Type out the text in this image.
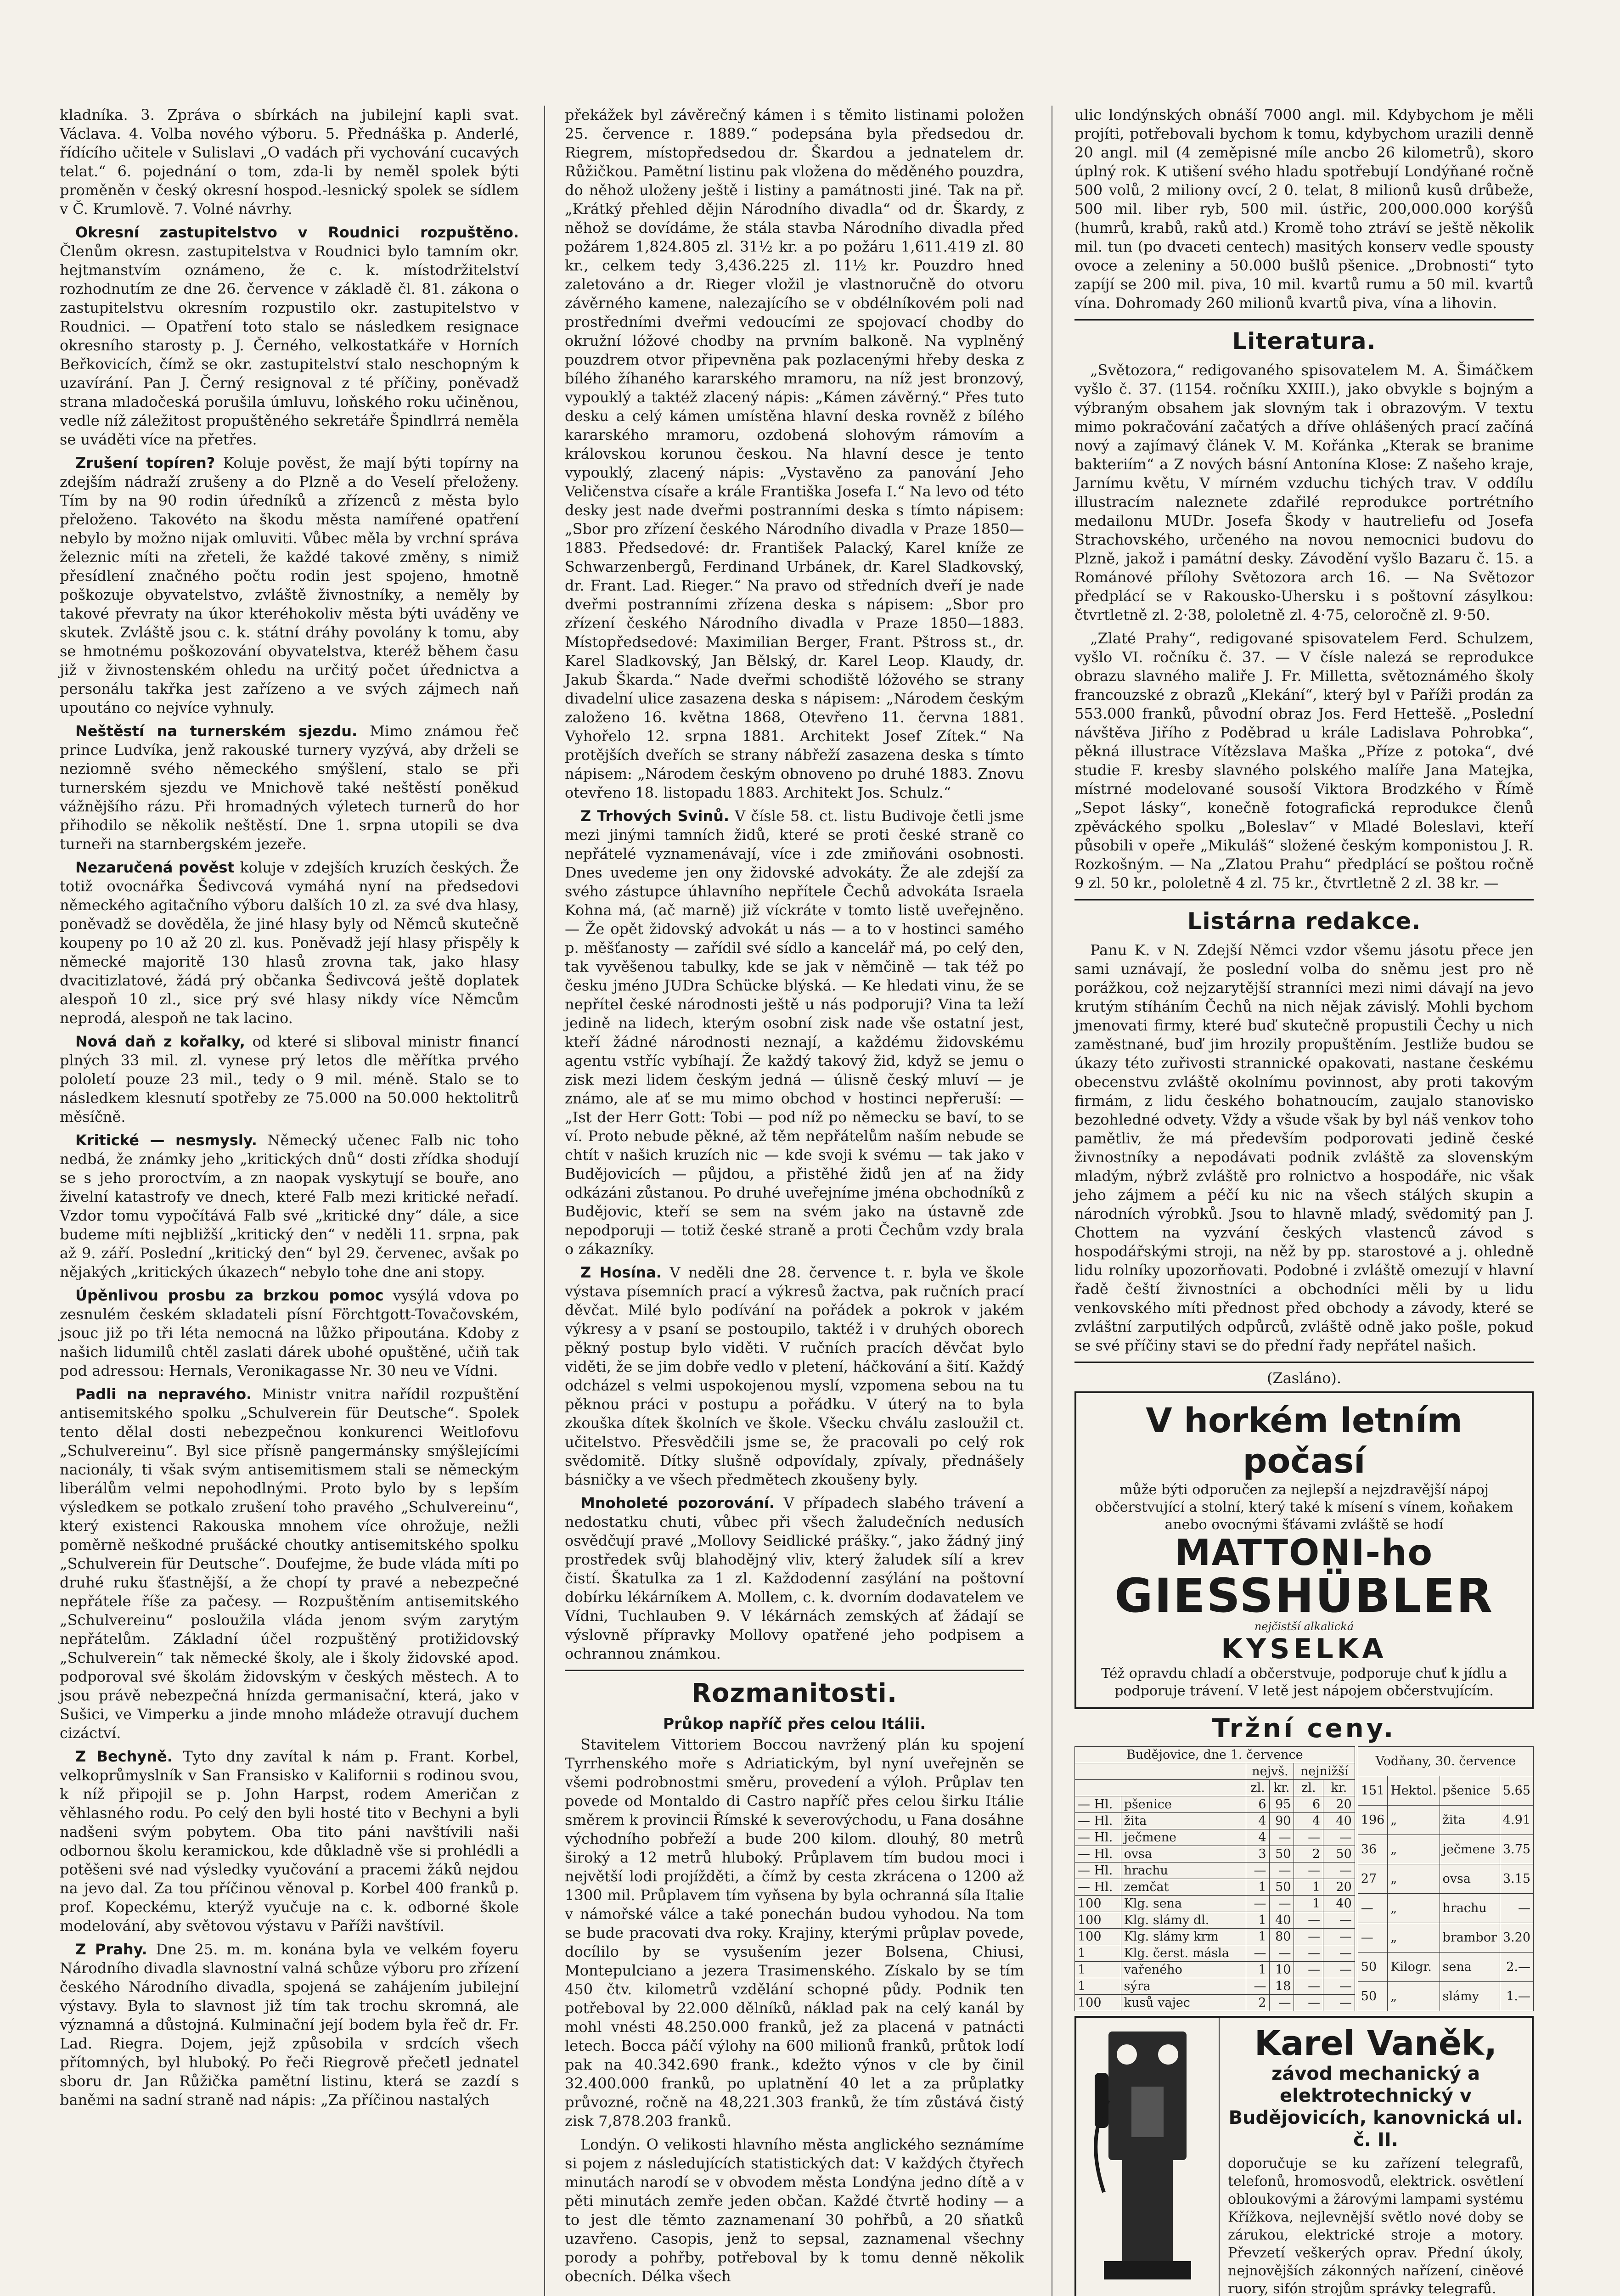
kladníka. 3. Zpráva o sbírkách na jubilejní kapli svat. Václava. 4. Volba nového výboru. 5. Přednáška p. Anderlé, řídícího učitele v Sulislavi „O vadách při vychování cucavých telat.“ 6. pojednání o tom, zda-li by neměl spolek býti proměněn v český okresní hospod.-lesnický spolek se sídlem v Č. Krumlově. 7. Volné návrhy.

Okresní zastupitelstvo v Roudnici rozpuštěno. Členům okresn. zastupitelstva v Roudnici bylo tamním okr. hejtmanstvím oznámeno, že c. k. místodržitelství rozhodnutím ze dne 26. července v základě čl. 81. zákona o zastupitelstvu okresním rozpustilo okr. zastupitelstvo v Roudnici. — Opatření toto stalo se následkem resignace okresního starosty p. J. Černého, velkostatkáře v Horních Beřkovicích, čímž se okr. zastupitelství stalo neschopným k uzavírání. Pan J. Černý resignoval z té příčiny, poněvadž strana mladočeská porušila úmluvu, loňského roku učiněnou, vedle níž záležitost propuštěného sekretáře Špindlrrá neměla se uváděti více na přetřes.

Zrušení topíren? Koluje pověst, že mají býti topírny na zdejším nádraží zrušeny a do Plzně a do Veselí přeloženy. Tím by na 90 rodin úředníků a zřízenců z města bylo přeloženo. Takovéto na škodu města namířené opatření nebylo by možno nijak omluviti. Vůbec měla by vrchní správa železnic míti na zřeteli, že každé takové změny, s nimiž přesídlení značného počtu rodin jest spojeno, hmotně poškozuje obyvatelstvo, zvláště živnostníky, a neměly by takové převraty na úkor kteréhokoliv města býti uváděny ve skutek. Zvláště jsou c. k. státní dráhy povolány k tomu, aby se hmotnému poškozování obyvatelstva, kteréž během času již v živnostenském ohledu na určitý počet úřednictva a personálu takřka jest zařízeno a ve svých zájmech naň upoutáno co nejvíce vyhnuly.

Neštěstí na turnerském sjezdu. Mimo známou řeč prince Ludvíka, jenž rakouské turnery vyzývá, aby drželi se neziomně svého německého smýšlení, stalo se při turnerském sjezdu ve Mnichově také neštěstí poněkud vážnějšího rázu. Při hromadných výletech turnerů do hor přihodilo se několik neštěstí. Dne 1. srpna utopili se dva turneři na starnbergském jezeře.

Nezaručená pověst koluje v zdejších kruzích českých. Že totiž ovocnářka Šedivcová vymáhá nyní na předsedovi německého agitačního výboru dalších 10 zl. za své dva hlasy, poněvadž se dověděla, že jiné hlasy byly od Němců skutečně koupeny po 10 až 20 zl. kus. Poněvadž její hlasy přispěly k německé majoritě 130 hlasů zrovna tak, jako hlasy dvacitizlatové, žádá prý občanka Šedivcová ještě doplatek alespoň 10 zl., sice prý své hlasy nikdy více Němcům neprodá, alespoň ne tak lacino.

Nová daň z kořalky, od které si sliboval ministr financí plných 33 mil. zl. vynese prý letos dle měřítka prvého pololetí pouze 23 mil., tedy o 9 mil. méně. Stalo se to následkem klesnutí spotřeby ze 75.000 na 50.000 hektolitrů měsíčně.

Kritické — nesmysly. Německý učenec Falb nic toho nedbá, že známky jeho „kritických dnů“ dosti zřídka shodují se s jeho proroctvím, a zn naopak vyskytují se bouře, ano živelní katastrofy ve dnech, které Falb mezi kritické neřadí. Vzdor tomu vypočítává Falb své „kritické dny“ dále, a sice budeme míti nejbližší „kritický den“ v neděli 11. srpna, pak až 9. září. Poslední „kritický den“ byl 29. červenec, avšak po nějakých „kritických úkazech“ nebylo tohe dne ani stopy.

Úpěnlivou prosbu za brzkou pomoc vysýlá vdova po zesnulém českém skladateli písní Förchtgott-Tovačovském, jsouc již po tři léta nemocná na lůžko připoutána. Kdoby z našich lidumilů chtěl zaslati dárek ubohé opuštěné, učiň tak pod adressou: Hernals, Veronikagasse Nr. 30 neu ve Vídni.

Padli na nepravého. Ministr vnitra nařídil rozpuštění antisemitského spolku „Schulverein für Deutsche“. Spolek tento dělal dosti nebezpečnou konkurenci Weitlofovu „Schulvereinu“. Byl sice přísně pangermánsky smýšlejícími nacionály, ti však svým antisemitismem stali se německým liberálům velmi nepohodlnými. Proto bylo by s lepším výsledkem se potkalo zrušení toho pravého „Schulvereinu“, který existenci Rakouska mnohem více ohrožuje, nežli poměrně neškodné prušácké choutky antisemitského spolku „Schulverein für Deutsche“. Doufejme, že bude vláda míti po druhé ruku šťastnější, a že chopí ty pravé a nebezpečné nepřátele říše za pačesy. — Rozpuštěním antisemitského „Schulvereinu“ posloužila vláda jenom svým zarytým nepřátelům. Základní účel rozpuštěný protižidovský „Schulverein“ tak německé školy, ale i školy židovské apod. podporoval své školám židovským v českých městech. A to jsou právě nebezpečná hnízda germanisační, která, jako v Sušici, ve Vimperku a jinde mnoho mládeže otravují duchem cizáctví.

Z Bechyně. Tyto dny zavítal k nám p. Frant. Korbel, velkoprůmyslník v San Fransisko v Kalifornii s rodinou svou, k níž připojil se p. John Harpst, rodem Američan z věhlasného rodu. Po celý den byli hosté tito v Bechyni a byli nadšeni svým pobytem. Oba tito páni navštívili naši odbornou školu keramickou, kde důkladně vše si prohlédli a potěšeni své nad výsledky vyučování a pracemi žáků nejdou na jevo dal. Za tou příčinou věnoval p. Korbel 400 franků p. prof. Kopeckému, kterýž vyučuje na c. k. odborné škole modelování, aby světovou výstavu v Paříži navštívil.

Z Prahy. Dne 25. m. m. konána byla ve velkém foyeru Národního divadla slavnostní valná schůze výboru pro zřízení českého Národního divadla, spojená se zahájením jubilejní výstavy. Byla to slavnost již tím tak trochu skromná, ale významná a důstojná. Kulminační její bodem byla řeč dr. Fr. Lad. Riegra. Dojem, jejž způsobila v srdcích všech přítomných, byl hluboký. Po řeči Riegrově přečetl jednatel sboru dr. Jan Růžička pamětní listinu, která se zazdí s baněmi na sadní straně nad nápis: „Za příčinou nastalých

překážek byl závěrečný kámen i s těmito listinami položen 25. července r. 1889.“ podepsána byla předsedou dr. Riegrem, místopředsedou dr. Škardou a jednatelem dr. Růžičkou. Pamětní listinu pak vložena do měděného pouzdra, do něhož uloženy ještě i listiny a památnosti jiné. Tak na př. „Krátký přehled dějin Národního divadla“ od dr. Škardy, z něhož se dovídáme, že stála stavba Národního divadla před požárem 1,824.805 zl. 31½ kr. a po požáru 1,611.419 zl. 80 kr., celkem tedy 3,436.225 zl. 11½ kr. Pouzdro hned zaletováno a dr. Rieger vložil je vlastnoručně do otvoru závěrného kamene, nalezajícího se v obdélníkovém poli nad prostředními dveřmi vedoucími ze spojovací chodby do okružní lóžové chodby na prvním balkoně. Na vyplněný pouzdrem otvor připevněna pak pozlacenými hřeby deska z bílého žíhaného kararského mramoru, na níž jest bronzový, vypouklý a taktéž zlacený nápis: „Kámen závěrný.“ Přes tuto desku a celý kámen umístěna hlavní deska rovněž z bílého kararského mramoru, ozdobená slohovým rámovím a královskou korunou českou. Na hlavní desce je tento vypouklý, zlacený nápis: „Vystavěno za panování Jeho Veličenstva císaře a krále Františka Josefa I.“ Na levo od této desky jest nade dveřmi postranními deska s tímto nápisem: „Sbor pro zřízení českého Národního divadla v Praze 1850—1883. Předsedové: dr. František Palacký, Karel kníže ze Schwarzenbergů, Ferdinand Urbánek, dr. Karel Sladkovský, dr. Frant. Lad. Rieger.“ Na pravo od středních dveří je nade dveřmi postranními zřízena deska s nápisem: „Sbor pro zřízení českého Národního divadla v Praze 1850—1883. Místopředsedové: Maximilian Berger, Frant. Pštross st., dr. Karel Sladkovský, Jan Bělský, dr. Karel Leop. Klaudy, dr. Jakub Škarda.“ Nade dveřmi schodiště lóžového se strany divadelní ulice zasazena deska s nápisem: „Národem českým založeno 16. května 1868, Otevřeno 11. června 1881. Vyhořelo 12. srpna 1881. Architekt Josef Zítek.“ Na protějších dveřích se strany nábřeží zasazena deska s tímto nápisem: „Národem českým obnoveno po druhé 1883. Znovu otevřeno 18. listopadu 1883. Architekt Jos. Schulz.“

Z Trhových Svinů. V čísle 58. ct. listu Budivoje četli jsme mezi jinými tamních židů, které se proti české straně co nepřátelé vyznamenávají, více i zde zmiňováni osobnosti. Dnes uvedeme jen ony židovské advokáty. Že ale zdejší za svého zástupce úhlavního nepřítele Čechů advokáta Israela Kohna má, (ač marně) již víckráte v tomto listě uveřejněno. — Že opět židovský advokát u nás — a to v hostinci samého p. měšťanosty — zařídil své sídlo a kancelář má, po celý den, tak vyvěšenou tabulky, kde se jak v němčině — tak též po česku jméno JUDra Schücke blýská. — Ke hledati vinu, že se nepřítel české národnosti ještě u nás podporuji? Vina ta leží jedině na lidech, kterým osobní zisk nade vše ostatní jest, kteří žádné národnosti neznají, a každému židovskému agentu vstříc vybíhají. Že každý takový žid, když se jemu o zisk mezi lidem českým jedná — úlisně český mluví — je známo, ale ať se mu mimo obchod v hostinci nepřeruší: — „Ist der Herr Gott: Tobi — pod níž po německu se baví, to se ví. Proto nebude pěkné, až těm nepřátelům naším nebude se chtít v našich kruzích nic — kde svoji k svému — tak jako v Budějovicích — půjdou, a přistěhé židů jen ať na židy odkázáni zůstanou. Po druhé uveřejníme jména obchodníků z Budějovic, kteří se sem na svém jako na ústavně zde nepodporuji — totiž české straně a proti Čechům vzdy brala o zákazníky.

Z Hosína. V neděli dne 28. července t. r. byla ve škole výstava písemních prací a výkresů žactva, pak ručních prací děvčat. Milé bylo podívání na pořádek a pokrok v jakém výkresy a v psaní se postoupilo, taktéž i v druhých oborech pěkný postup bylo viděti. V ručních pracích děvčat bylo viděti, že se jim dobře vedlo v pletení, háčkování a šití. Každý odcházel s velmi uspokojenou myslí, vzpomena sebou na tu pěknou práci v postupu a pořádku. V úterý na to byla zkouška dítek školních ve škole. Všecku chválu zasloužil ct. učitelstvo. Přesvědčili jsme se, že pracovali po celý rok svědomitě. Dítky slušně odpovídaly, zpívaly, přednášely básničky a ve všech předmětech zkoušeny byly.

Mnoholeté pozorování. V případech slabého trávení a nedostatku chuti, vůbec při všech žaludečních nedusích osvědčují pravé „Mollovy Seidlické prášky.“, jako žádný jiný prostředek svůj blahodějný vliv, který žaludek sílí a krev čistí. Škatulka za 1 zl. Každodenní zasýlání na poštovní dobírku lékárníkem A. Mollem, c. k. dvorním dodavatelem ve Vídni, Tuchlauben 9. V lékárnách zemských ať žádají se výslovně přípravky Mollovy opatřené jeho podpisem a ochrannou známkou.

Rozmanitosti.
Průkop napříč přes celou Itálii.

Stavitelem Vittoriem Boccou navržený plán ku spojení Tyrrhenského moře s Adriatickým, byl nyní uveřejněn se všemi podrobnostmi směru, provedení a výloh. Průplav ten povede od Montaldo di Castro napříč přes celou širku Itálie směrem k provincii Římské k severovýchodu, u Fana dosáhne východního pobřeží a bude 200 kilom. dlouhý, 80 metrů široký a 12 metrů hluboký. Průplavem tím budou moci i největší lodi projížděti, a čímž by cesta zkrácena o 1200 až 1300 mil. Průplavem tím vyňsena by byla ochranná síla Italie v námořské válce a také ponechán budou vyhodou. Na tom se bude pracovati dva roky. Krajiny, kterými průplav povede, docílilo by se vysušením jezer Bolsena, Chiusi, Montepulciano a jezera Trasimenského. Získalo by se tím 450 čtv. kilometrů vzdělání schopné půdy. Podnik ten potřeboval by 22.000 dělníků, náklad pak na celý kanál by mohl vnésti 48.250.000 franků, jež za placená v patnácti letech. Bocca páčí výlohy na 600 milionů franků, průtok lodí pak na 40.342.690 frank., kdežto výnos v cle by činil 32.400.000 franků, po uplatnění 40 let a za průplatky průvozné, ročně na 48,221.303 franků, že tím zůstává čistý zisk 7,878.203 franků.

Londýn. O velikosti hlavního města anglického seznámíme si pojem z následujících statistických dat: V každých čtyřech minutách narodí se v obvodem města Londýna jedno dítě a v pěti minutách zemře jeden občan. Každé čtvrtě hodiny — a to jest dle těmto zaznamenaní 30 pohřbů, a 20 sňatků uzavřeno. Casopis, jenž to sepsal, zaznamenal všechny porody a pohřby, potřeboval by k tomu denně několik obecních. Délka všech

ulic londýnských obnáší 7000 angl. mil. Kdybychom je měli projíti, potřebovali bychom k tomu, kdybychom urazili denně 20 angl. mil (4 zeměpisné míle ancbo 26 kilometrů), skoro úplný rok. K utišení svého hladu spotřebují Londýňané ročně 500 volů, 2 miliony ovcí, 2 0. telat, 8 milionů kusů drůbeže, 500 mil. liber ryb, 500 mil. ústřic, 200,000.000 korýšů (humrů, krabů, raků atd.) Kromě toho ztráví se ještě několik mil. tun (po dvaceti centech) masitých konserv vedle spousty ovoce a zeleniny a 50.000 bušlů pšenice. „Drobnosti“ tyto zapíjí se 200 mil. piva, 10 mil. kvartů rumu a 50 mil. kvartů vína. Dohromady 260 milionů kvartů piva, vína a lihovin.

Literatura.

„Světozora,“ redigovaného spisovatelem M. A. Šimáčkem vyšlo č. 37. (1154. ročníku XXIII.), jako obvykle s bojným a výbraným obsahem jak slovným tak i obrazovým. V textu mimo pokračování začatých a dříve ohlášených prací začíná nový a zajímavý článek V. M. Kořánka „Kterak se branime bakteriím“ a Z nových básní Antonína Klose: Z našeho kraje, Jarnímu květu, V mírném vzduchu tichých trav. V oddílu illustracím naleznete zdařilé reprodukce portrétního medailonu MUDr. Josefa Škody v hautreliefu od Josefa Strachovského, určeného na novou nemocnici budovu do Plzně, jakož i památní desky. Závodění vyšlo Bazaru č. 15. a Románové přílohy Světozora arch 16. — Na Světozor předplácí se v Rakousko-Uhersku i s poštovní zásylkou: čtvrtletně zl. 2·38, pololetně zl. 4·75, celoročně zl. 9·50.

„Zlaté Prahy“, redigované spisovatelem Ferd. Schulzem, vyšlo VI. ročníku č. 37. — V čísle nalezá se reprodukce obrazu slavného maliře J. Fr. Milletta, světoznámého školy francouzské z obrazů „Klekání“, který byl v Paříži prodán za 553.000 franků, původní obraz Jos. Ferd Hettešě. „Poslední návštěva Jiřího z Poděbrad u krále Ladislava Pohrobka“, pěkná illustrace Vítězslava Maška „Příze z potoka“, dvé studie F. kresby slavného polského malíře Jana Matejka, místrné modelované sousoší Viktora Brodzkého v Římě „Sepot lásky“, konečně fotografická reprodukce členů zpěváckého spolku „Boleslav“ v Mladé Boleslavi, kteří působili v opeře „Mikuláš“ složené českým komponistou J. R. Rozkošným. — Na „Zlatou Prahu“ předplácí se poštou ročně 9 zl. 50 kr., pololetně 4 zl. 75 kr., čtvrtletně 2 zl. 38 kr. —

Listárna redakce.

Panu K. v N. Zdejší Němci vzdor všemu jásotu přece jen sami uznávají, že poslední volba do sněmu jest pro ně porážkou, což nejzarytější stranníci mezi nimi dávají na jevo krutým stíháním Čechů na nich nějak závislý. Mohli bychom jmenovati firmy, které buď skutečně propustili Čechy u nich zaměstnané, buď jim hrozily propuštěním. Jestliže budou se úkazy této zuřivosti strannické opakovati, nastane českému obecenstvu zvláště okolnímu povinnost, aby proti takovým firmám, z lidu českého bohatnoucím, zaujalo stanovisko bezohledné odvety. Vždy a všude však by byl náš venkov toho pamětliv, že má především podporovati jedině české živnostníky a nepodávati podnik zvláště za slovenským mladým, nýbrž zvláště pro rolnictvo a hospodáře, nic však jeho zájmem a péčí ku nic na všech stálých skupin a národních výrobků. Jsou to hlavně mladý, svědomitý pan J. Chottem na vyzvání českých vlastenců závod s hospodářskými stroji, na něž by pp. starostové a j. ohledně lidu rolníky upozorňovati. Podobné i zvláště omezují v hlavní řadě čeští živnostníci a obchodníci měli by u lidu venkovského míti přednost před obchody a závody, které se zvláštní zarputilých odpůrců, zvláště odně jako pošle, pokud se své příčiny stavi se do přední řady nepřátel našich.

(Zasláno).
V horkém letním počasí
může býti odporučen za nejlepší a nejzdravější nápoj občerstvující a stolní, který také k mísení s vínem, koňakem anebo ovocnými šťávami zvláště se hodí
MATTONI-ho
GIESSHÜBLER
nejčistší alkalická
KYSELKA
Též opravdu chladí a občerstvuje, podporuje chuť k jídlu a podporuje trávení. V letě jest nápojem občerstvujícím.
Tržní ceny.
Budějovice, dne 1. července					
		nejvš.		nejnižší	
		zl.	kr.	zl.	kr.
— Hl.	pšenice	6	95	6	20
— Hl.	žita	4	90	4	40
— Hl.	ječmene	4	—	—	—
— Hl.	ovsa	3	50	2	50
— Hl.	hrachu	—	—	—	—
— Hl.	zemčat	1	50	1	20
100	Klg. sena	—	—	1	40
100	Klg. slámy dl.	1	40	—	—
100	Klg. slámy krm	1	80	—	—
1	Klg. čerst. másla	—	—	—	—
1	vařeného	1	10	—	—
1	sýra	—	18	—	—
100	kusů vajec	2	—	—	—
Vodňany, 30. července			
151	Hektol.	pšenice	5.65
196	„	žita	4.91
36	„	ječmene	3.75
27	„	ovsa	3.15
—	„	hrachu	—
—	„	brambor	3.20
50	Kilogr.	sena	2.—
50	„	slámy	1.—
Karel Vaněk,
závod mechanický a elektrotechnický v Budějovicích, kanovnická ul. č. II.
doporučuje se ku zařízení telegrafů, telefonů, hromosvodů, elektrick. osvětlení obloukovými a žárovými lampami systému Křížkova, nejlevnější světlo nové doby se zárukou, elektrické stroje a motory. Převzetí veškerých oprav. Přední úkoly, nejnovějších zákonných nařízení, ciněové ruory, sifón strojům správky telegrafů.
